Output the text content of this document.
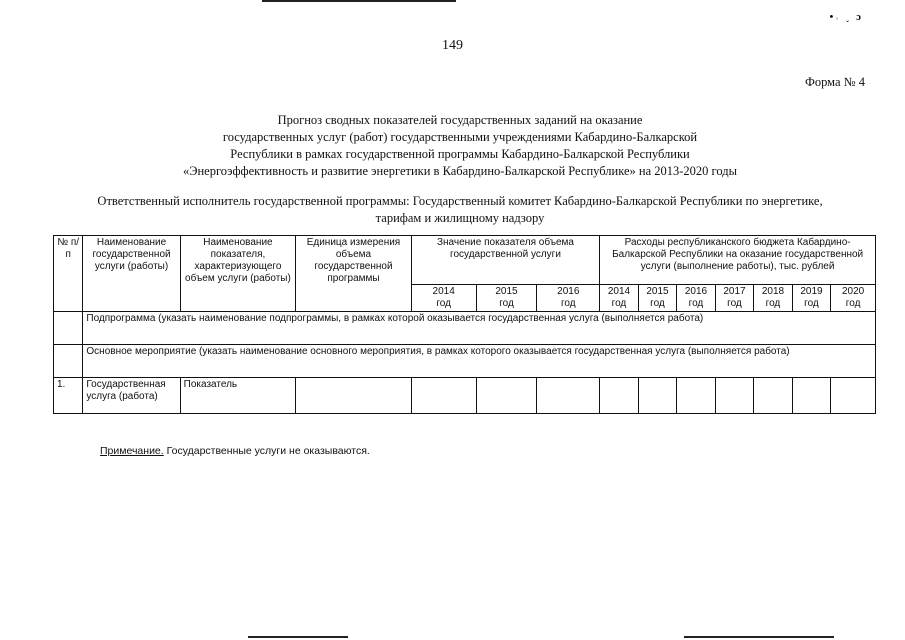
•˓ ˯ ɔ
149
Форма № 4
Прогноз сводных показателей государственных заданий на оказание
государственных услуг (работ) государственными учреждениями Кабардино-Балкарской
Республики в рамках государственной программы Кабардино-Балкарской Республики
«Энергоэффективность и развитие энергетики в Кабардино-Балкарской Республике» на 2013-2020 годы
Ответственный исполнитель государственной программы: Государственный комитет Кабардино-Балкарской Республики по энергетике,
тарифам и жилищному надзору
№ п/п	Наименование государственной услуги (работы)	Наименование показателя, характеризующего объем услуги (работы)	Единица измерения объема государственной программы	Значение показателя объема государственной услуги			Расходы республиканского бюджета Кабардино-Балкарской Республики на оказание государственной услуги (выполнение работы), тыс. рублей						
				2014
год	2015
год	2016
год	2014
год	2015
год	2016
год	2017
год	2018
год	2019
год	2020
год
	Подпрограмма (указать наименование подпрограммы, в рамках которой оказывается государственная услуга (выполняется работа)												
	Основное мероприятие (указать наименование основного мероприятия, в рамках которого оказывается государственная услуга (выполняется работа)												
1.	Государственная услуга (работа)	Показатель											
Примечание. Государственные услуги не оказываются.
